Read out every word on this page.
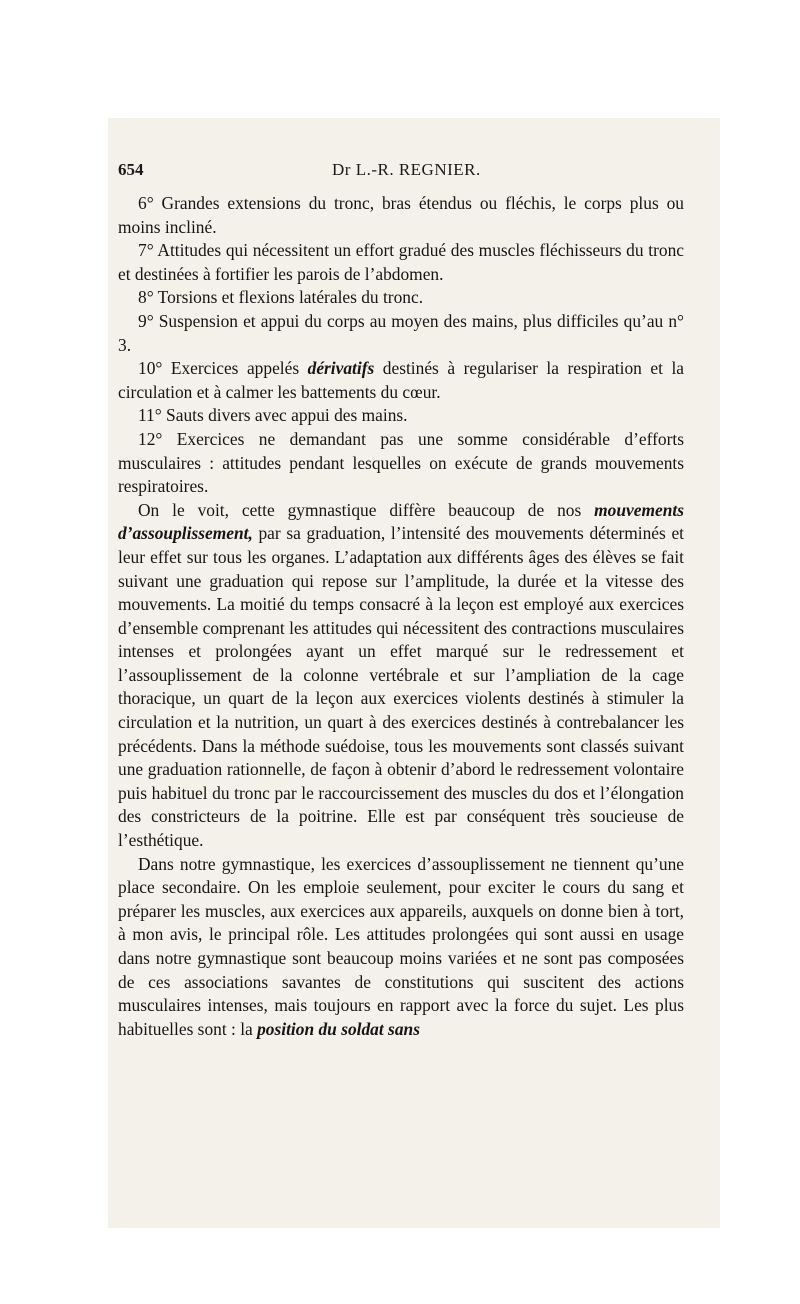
654	Dr L.-R. REGNIER.

6° Grandes extensions du tronc, bras étendus ou fléchis, le corps plus ou moins incliné.

7° Attitudes qui nécessitent un effort gradué des muscles fléchisseurs du tronc et destinées à fortifier les parois de l’abdomen.

8° Torsions et flexions latérales du tronc.

9° Suspension et appui du corps au moyen des mains, plus difficiles qu’au n° 3.

10° Exercices appelés dérivatifs destinés à regulariser la respiration et la circulation et à calmer les battements du cœur.

11° Sauts divers avec appui des mains.

12° Exercices ne demandant pas une somme considérable d’efforts musculaires : attitudes pendant lesquelles on exécute de grands mouvements respiratoires.

On le voit, cette gymnastique diffère beaucoup de nos mouvements d’assouplissement, par sa graduation, l’intensité des mouvements déterminés et leur effet sur tous les organes. L’adaptation aux différents âges des élèves se fait suivant une graduation qui repose sur l’amplitude, la durée et la vitesse des mouvements. La moitié du temps consacré à la leçon est employé aux exercices d’ensemble comprenant les attitudes qui nécessitent des contractions musculaires intenses et prolongées ayant un effet marqué sur le redressement et l’assouplissement de la colonne vertébrale et sur l’ampliation de la cage thoracique, un quart de la leçon aux exercices violents destinés à stimuler la circulation et la nutrition, un quart à des exercices destinés à contrebalancer les précédents. Dans la méthode suédoise, tous les mouvements sont classés suivant une graduation rationnelle, de façon à obtenir d’abord le redressement volontaire puis habituel du tronc par le raccourcissement des muscles du dos et l’élongation des constricteurs de la poitrine. Elle est par conséquent très soucieuse de l’esthétique.

Dans notre gymnastique, les exercices d’assouplissement ne tiennent qu’une place secondaire. On les emploie seulement, pour exciter le cours du sang et préparer les muscles, aux exercices aux appareils, auxquels on donne bien à tort, à mon avis, le principal rôle. Les attitudes prolongées qui sont aussi en usage dans notre gymnastique sont beaucoup moins variées et ne sont pas composées de ces associations savantes de constitutions qui suscitent des actions musculaires intenses, mais toujours en rapport avec la force du sujet. Les plus habituelles sont : la position du soldat sans
